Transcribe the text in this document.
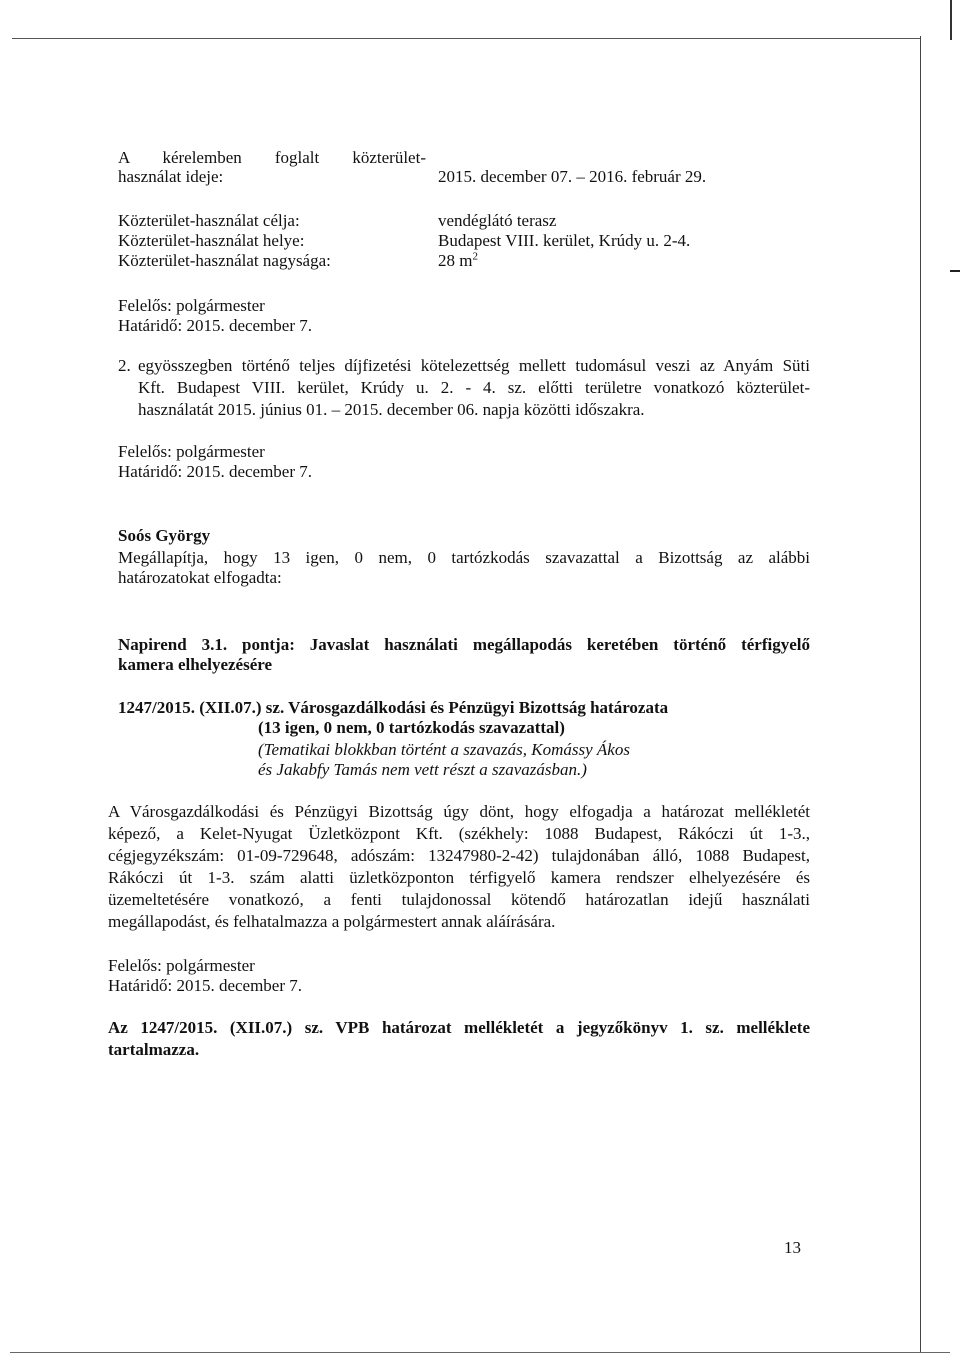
A kérelemben foglalt közterület-
használat ideje:	2015. december 07. – 2016. február 29.
Közterület-használat célja:	vendéglátó terasz
Közterület-használat helye:	Budapest VIII. kerület, Krúdy u. 2-4.
Közterület-használat nagysága:	28 $m^2$
Felelős: polgármester
Határidő: 2015. december 7.
2. egyösszegben történő teljes díjfizetési kötelezettség mellett tudomásul veszi az Anyám Süti
Kft. Budapest VIII. kerület, Krúdy u. 2. - 4. sz. előtti területre vonatkozó közterület-
használatát 2015. június 01. – 2015. december 06. napja közötti időszakra.
Felelős: polgármester
Határidő: 2015. december 7.
Soós György
Megállapítja, hogy 13 igen, 0 nem, 0 tartózkodás szavazattal a Bizottság az alábbi
határozatokat elfogadta:
Napirend 3.1. pontja: Javaslat használati megállapodás keretében történő térfigyelő
kamera elhelyezésére
1247/2015. (XII.07.) sz. Városgazdálkodási és Pénzügyi Bizottság határozata
(13 igen, 0 nem, 0 tartózkodás szavazattal)
(Tematikai blokkban történt a szavazás, Komássy Ákos
és Jakabfy Tamás nem vett részt a szavazásban.)
A Városgazdálkodási és Pénzügyi Bizottság úgy dönt, hogy elfogadja a határozat mellékletét
képező, a Kelet-Nyugat Üzletközpont Kft. (székhely: 1088 Budapest, Rákóczi út 1-3.,
cégjegyzékszám: 01-09-729648, adószám: 13247980-2-42) tulajdonában álló, 1088 Budapest,
Rákóczi út 1-3. szám alatti üzletközponton térfigyelő kamera rendszer elhelyezésére és
üzemeltetésére vonatkozó, a fenti tulajdonossal kötendő határozatlan idejű használati
megállapodást, és felhatalmazza a polgármestert annak aláírására.
Felelős: polgármester
Határidő: 2015. december 7.
Az 1247/2015. (XII.07.) sz. VPB határozat mellékletét a jegyzőkönyv 1. sz. melléklete
tartalmazza.
13
